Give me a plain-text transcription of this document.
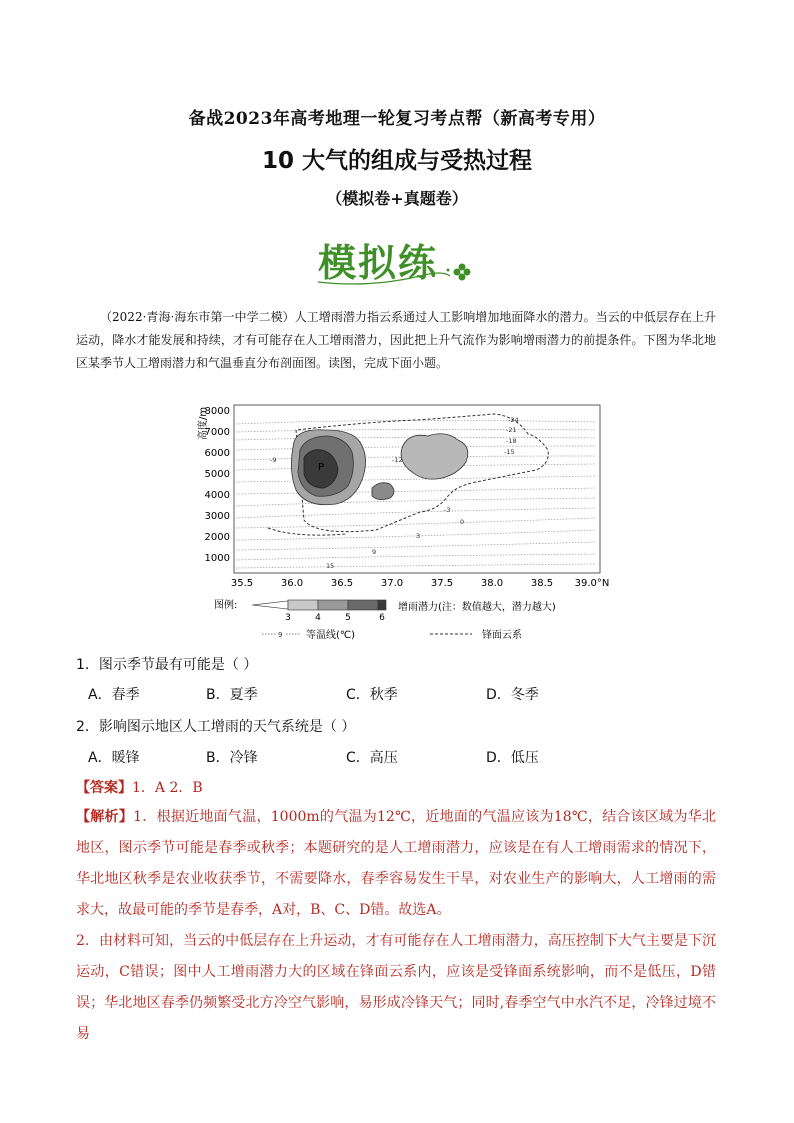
备战2023年高考地理一轮复习考点帮（新高考专用）
10 大气的组成与受热过程
（模拟卷+真题卷）
模拟练
（2022·青海·海东市第一中学二模）人工增雨潜力指云系通过人工影响增加地面降水的潜力。当云的中低层存在上升运动，降水才能发展和持续，才有可能存在人工增雨潜力，因此把上升气流作为影响增雨潜力的前提条件。下图为华北地区某季节人工增雨潜力和气温垂直分布剖面图。读图，完成下面小题。
P
-24
-21
-18
-15
-12
-9
-3
0
3
9
15
8000
7000
6000
5000
4000
3000
2000
1000
35.5	36.0	36.5	37.0	37.5	38.0	38.5 39.0°N
高度/m
图例:
3	4	5	6
增雨潜力(注：数值越大，潜力越大)
9 等温线(℃)	锋面云系
1．图示季节最有可能是（ ）
A．春季	B．夏季	C．秋季	D．冬季
2．影响图示地区人工增雨的天气系统是（ ）
A．暖锋	B．冷锋	C．高压	D．低压
【答案】1．A 2．B
【解析】1．根据近地面气温，1000m的气温为12℃，近地面的气温应该为18℃，结合该区域为华北地区，图示季节可能是春季或秋季；本题研究的是人工增雨潜力，应该是在有人工增雨需求的情况下，华北地区秋季是农业收获季节，不需要降水，春季容易发生干旱，对农业生产的影响大，人工增雨的需求大，故最可能的季节是春季，A对，B、C、D错。故选A。
2．由材料可知，当云的中低层存在上升运动，才有可能存在人工增雨潜力，高压控制下大气主要是下沉运动，C错误；图中人工增雨潜力大的区域在锋面云系内，应该是受锋面系统影响，而不是低压，D错误；华北地区春季仍频繁受北方冷空气影响，易形成冷锋天气；同时,春季空气中水汽不足，冷锋过境不易
